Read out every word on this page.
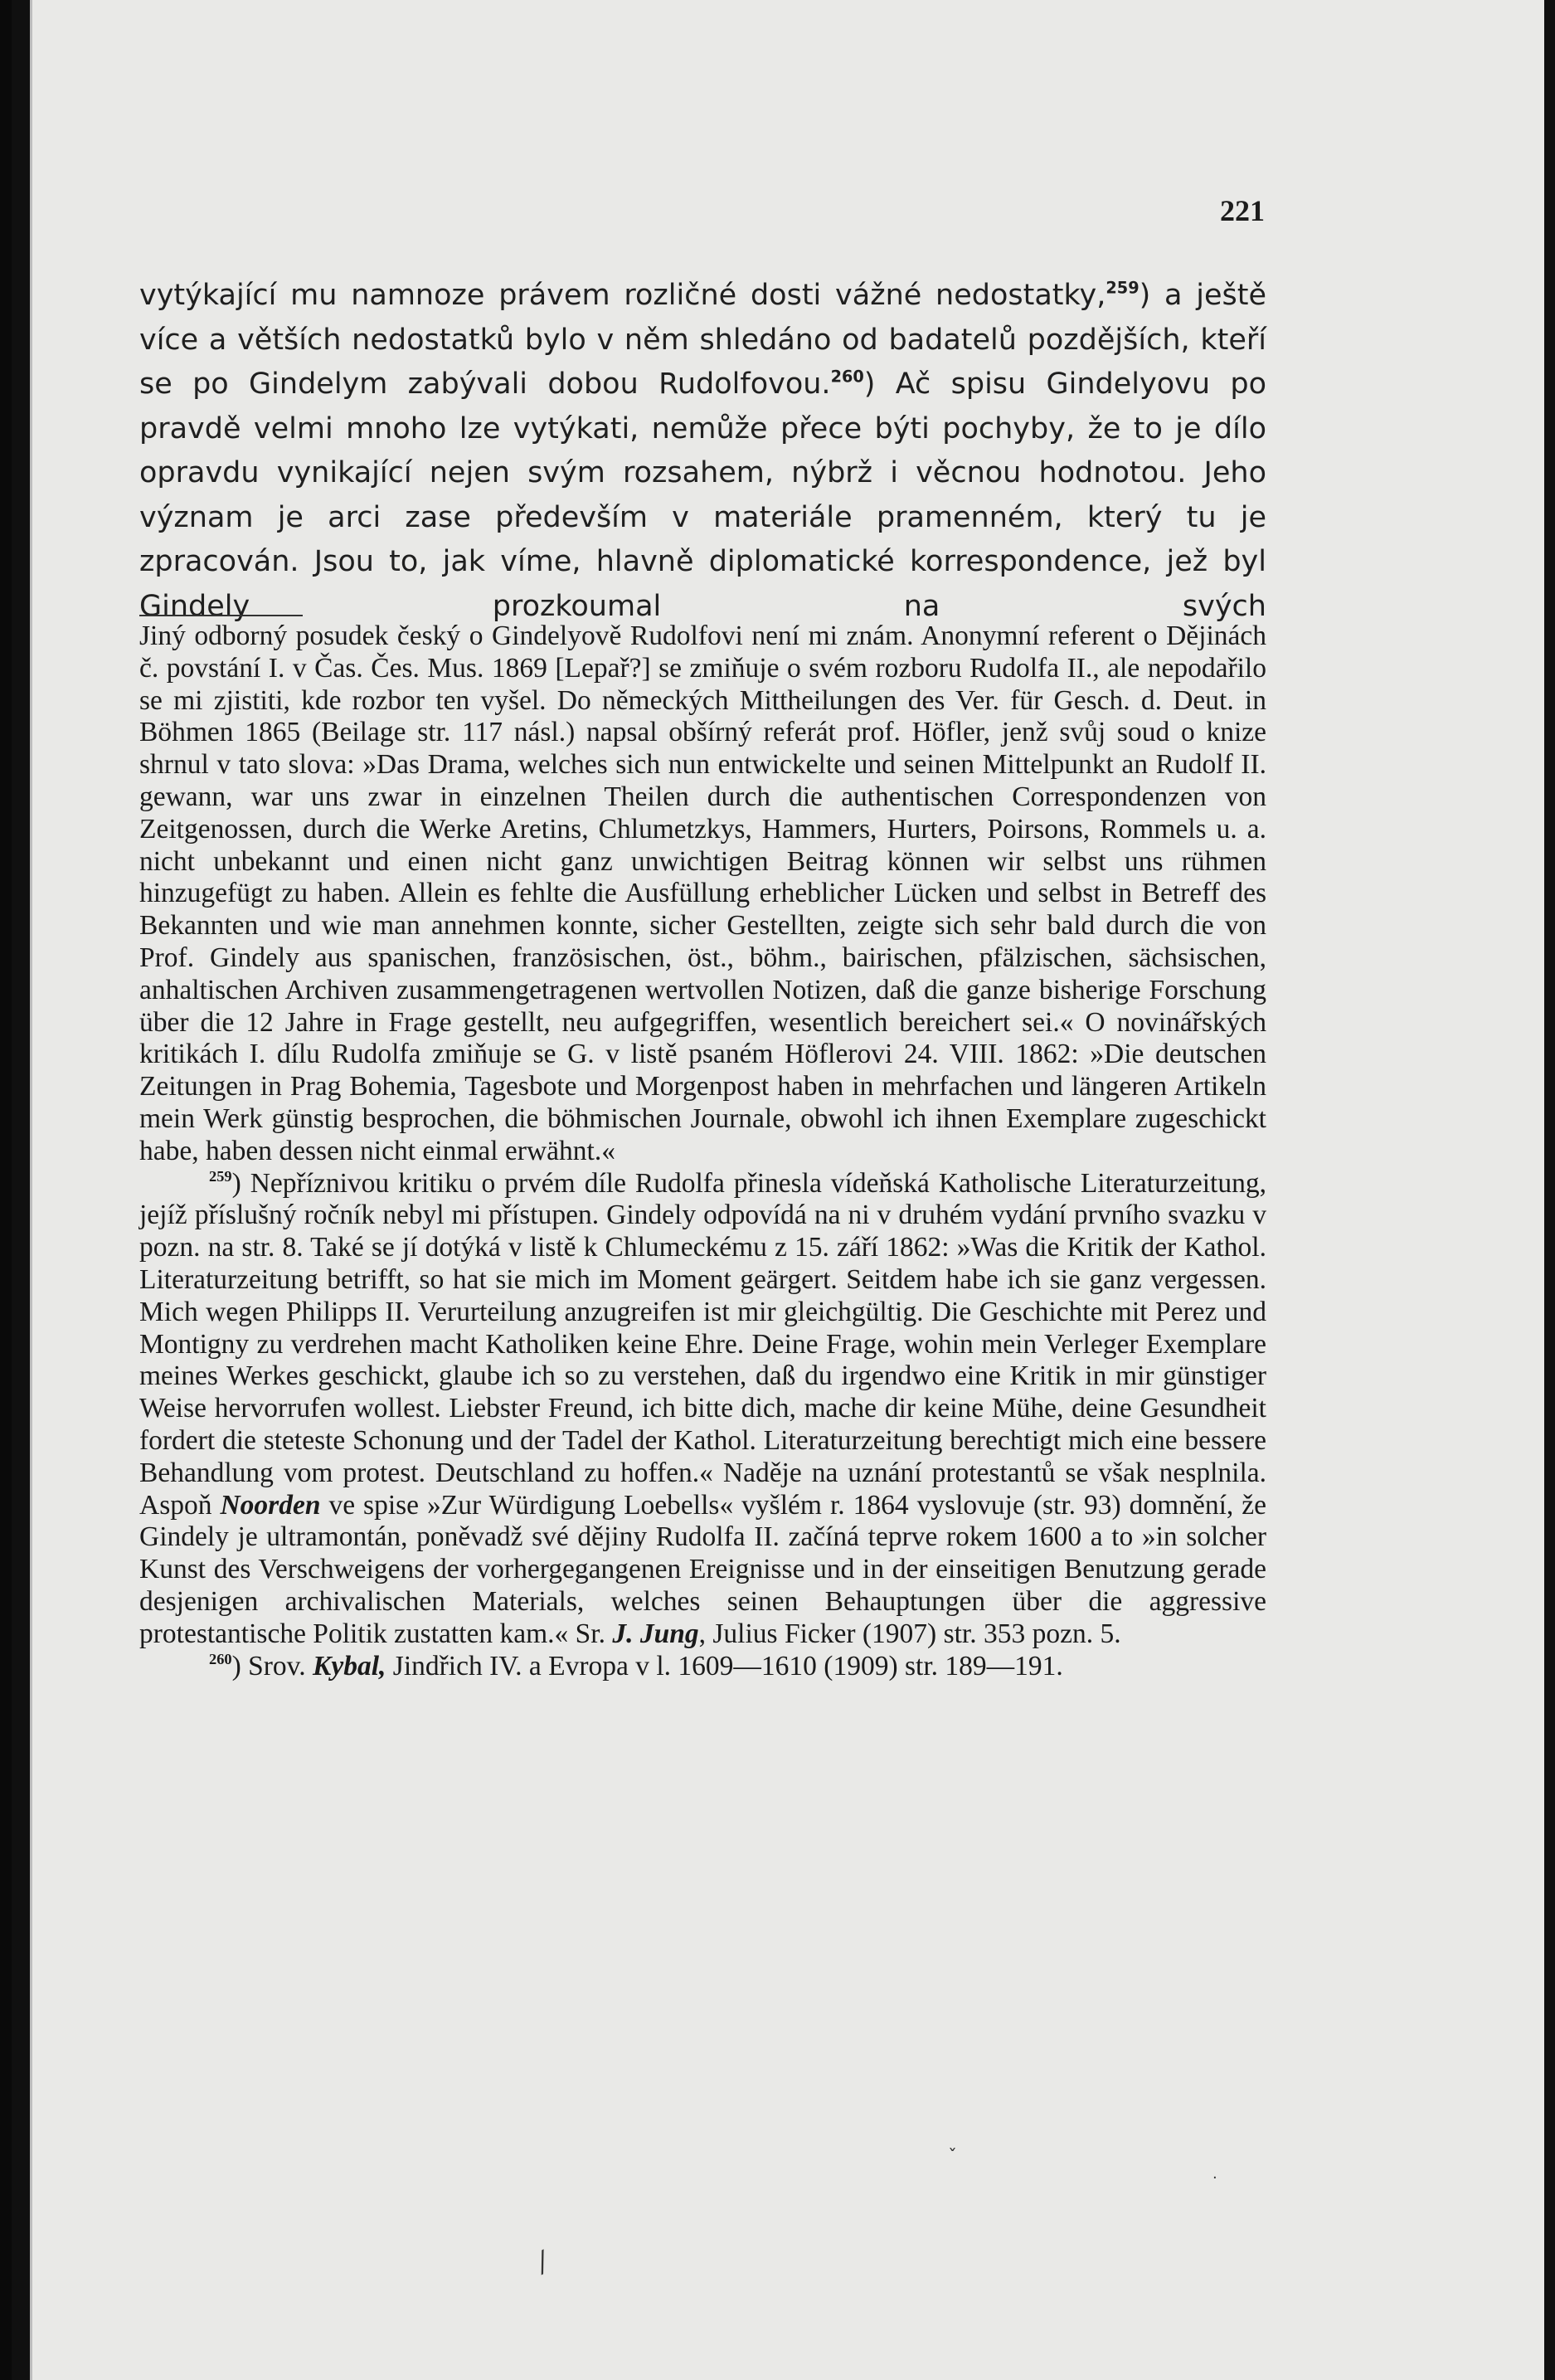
221

vytýkající mu namnoze právem rozličné dosti vážné nedostatky,$^{259}$) a ještě více a větších nedostatků bylo v něm shledáno od badatelů pozdějších, kteří se po Gindelym zabývali dobou Rudolfovou.$^{260}$) Ač spisu Gindelyovu po pravdě velmi mnoho lze vytýkati, nemůže přece býti pochyby, že to je dílo opravdu vynikající nejen svým rozsahem, nýbrž i věcnou hodnotou. Jeho význam je arci zase především v materiále pramenném, který tu je zpracován. Jsou to, jak víme, hlavně diplomatické korrespondence, jež byl Gindely prozkoumal na svých

Jiný odborný posudek český o Gindelyově Rudolfovi není mi znám. Anonymní referent o Dějinách č. povstání I. v Čas. Čes. Mus. 1869 [Lepař?] se zmiňuje o svém rozboru Rudolfa II., ale nepodařilo se mi zjistiti, kde rozbor ten vyšel. Do německých Mittheilungen des Ver. für Gesch. d. Deut. in Böhmen 1865 (Beilage str. 117 násl.) napsal obšírný referát prof. Höfler, jenž svůj soud o knize shrnul v tato slova: »Das Drama, welches sich nun entwickelte und seinen Mittelpunkt an Rudolf II. gewann, war uns zwar in einzelnen Theilen durch die authentischen Correspondenzen von Zeitgenossen, durch die Werke Aretins, Chlumetzkys, Hammers, Hurters, Poirsons, Rommels u. a. nicht unbekannt und einen nicht ganz unwichtigen Beitrag können wir selbst uns rühmen hinzugefügt zu haben. Allein es fehlte die Ausfüllung erheblicher Lücken und selbst in Betreff des Bekannten und wie man annehmen konnte, sicher Gestellten, zeigte sich sehr bald durch die von Prof. Gindely aus spanischen, französischen, öst., böhm., bairischen, pfälzischen, sächsischen, anhaltischen Archiven zusammengetragenen wertvollen Notizen, daß die ganze bisherige Forschung über die 12 Jahre in Frage gestellt, neu aufgegriffen, wesentlich bereichert sei.« O novinářských kritikách I. dílu Rudolfa zmiňuje se G. v listě psaném Höflerovi 24. VIII. 1862: »Die deutschen Zeitungen in Prag Bohemia, Tagesbote und Morgenpost haben in mehrfachen und längeren Artikeln mein Werk günstig besprochen, die böhmischen Journale, obwohl ich ihnen Exemplare zugeschickt habe, haben dessen nicht einmal erwähnt.«

$^{259}$) Nepříznivou kritiku o prvém díle Rudolfa přinesla vídeňská Katholische Literaturzeitung, jejíž příslušný ročník nebyl mi přístupen. Gindely odpovídá na ni v druhém vydání prvního svazku v pozn. na str. 8. Také se jí dotýká v listě k Chlumeckému z 15. září 1862: »Was die Kritik der Kathol. Literaturzeitung betrifft, so hat sie mich im Moment geärgert. Seitdem habe ich sie ganz vergessen. Mich wegen Philipps II. Verurteilung anzugreifen ist mir gleichgültig. Die Geschichte mit Perez und Montigny zu verdrehen macht Katholiken keine Ehre. Deine Frage, wohin mein Verleger Exemplare meines Werkes geschickt, glaube ich so zu verstehen, daß du irgendwo eine Kritik in mir günstiger Weise hervorrufen wollest. Liebster Freund, ich bitte dich, mache dir keine Mühe, deine Gesundheit fordert die steteste Schonung und der Tadel der Kathol. Literaturzeitung berechtigt mich eine bessere Behandlung vom protest. Deutschland zu hoffen.« Naděje na uznání protestantů se však nesplnila. Aspoň Noorden ve spise »Zur Würdigung Loebells« vyšlém r. 1864 vyslovuje (str. 93) domnění, že Gindely je ultramontán, poněvadž své dějiny Rudolfa II. začíná teprve rokem 1600 a to »in solcher Kunst des Verschweigens der vorhergegangenen Ereignisse und in der einseitigen Benutzung gerade desjenigen archivalischen Materials, welches seinen Behauptungen über die aggressive protestantische Politik zustatten kam.« Sr. J. Jung, Julius Ficker (1907) str. 353 pozn. 5.

$^{260}$) Srov. Kybal, Jindřich IV. a Evropa v l. 1609—1610 (1909) str. 189—191.

⁄
ˇ
·
